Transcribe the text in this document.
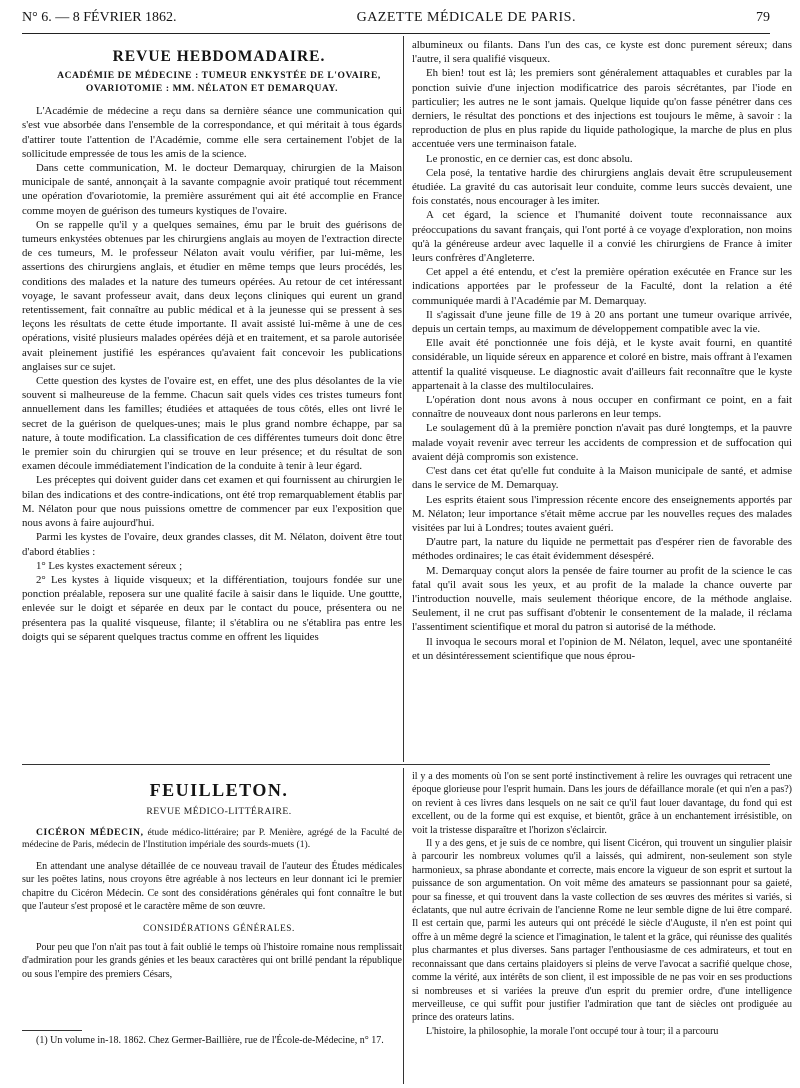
N° 6. — 8 FÉVRIER 1862.	GAZETTE MÉDICALE DE PARIS.	79

REVUE HEBDOMADAIRE.

ACADÉMIE DE MÉDECINE : TUMEUR ENKYSTÉE DE L'OVAIRE, OVARIOTOMIE : MM. NÉLATON ET DEMARQUAY.

L'Académie de médecine a reçu dans sa dernière séance une communication qui s'est vue absorbée dans l'ensemble de la correspondance, et qui méritait à tous égards d'attirer toute l'attention de l'Académie, comme elle sera certainement l'objet de la sollicitude empressée de tous les amis de la science.

Dans cette communication, M. le docteur Demarquay, chirurgien de la Maison municipale de santé, annonçait à la savante compagnie avoir pratiqué tout récemment une opération d'ovariotomie, la première assurément qui ait été accomplie en France comme moyen de guérison des tumeurs kystiques de l'ovaire.

On se rappelle qu'il y a quelques semaines, ému par le bruit des guérisons de tumeurs enkystées obtenues par les chirurgiens anglais au moyen de l'extraction directe de ces tumeurs, M. le professeur Nélaton avait voulu vérifier, par lui-même, les assertions des chirurgiens anglais, et étudier en même temps que leurs procédés, les conditions des malades et la nature des tumeurs opérées. Au retour de cet intéressant voyage, le savant professeur avait, dans deux leçons cliniques qui eurent un grand retentissement, fait connaître au public médical et à la jeunesse qui se pressent à ses leçons les résultats de cette étude importante. Il avait assisté lui-même à une de ces opérations, visité plusieurs malades opérées déjà et en traitement, et sa parole autorisée avait pleinement justifié les espérances qu'avaient fait concevoir les publications anglaises sur ce sujet.

Cette question des kystes de l'ovaire est, en effet, une des plus désolantes de la vie souvent si malheureuse de la femme. Chacun sait quels vides ces tristes tumeurs font annuellement dans les familles; étudiées et attaquées de tous côtés, elles ont livré le secret de la guérison de quelques-unes; mais le plus grand nombre échappe, par sa nature, à toute modification. La classification de ces différentes tumeurs doit donc être le premier soin du chirurgien qui se trouve en leur présence; et du résultat de son examen découle immédiatement l'indication de la conduite à tenir à leur égard.

Les préceptes qui doivent guider dans cet examen et qui fournissent au chirurgien le bilan des indications et des contre-indications, ont été trop remarquablement établis par M. Nélaton pour que nous puissions omettre de commencer par eux l'exposition que nous avons à faire aujourd'hui.

Parmi les kystes de l'ovaire, deux grandes classes, dit M. Nélaton, doivent être tout d'abord établies :

1° Les kystes exactement séreux ;

2° Les kystes à liquide visqueux; et la différentiation, toujours fondée sur une ponction préalable, reposera sur une qualité facile à saisir dans le liquide. Une gouttte, enlevée sur le doigt et séparée en deux par le contact du pouce, présentera ou ne présentera pas la qualité visqueuse, filante; il s'établira ou ne s'établira pas entre les doigts qui se séparent quelques tractus comme en offrent les liquides

albumineux ou filants. Dans l'un des cas, ce kyste est donc purement séreux; dans l'autre, il sera qualifié visqueux.

Eh bien! tout est là; les premiers sont généralement attaquables et curables par la ponction suivie d'une injection modificatrice des parois sécrétantes, par l'iode en particulier; les autres ne le sont jamais. Quelque liquide qu'on fasse pénétrer dans ces derniers, le résultat des ponctions et des injections est toujours le même, à savoir : la reproduction de plus en plus rapide du liquide pathologique, la marche de plus en plus accentuée vers une terminaison fatale.

Le pronostic, en ce dernier cas, est donc absolu.

Cela posé, la tentative hardie des chirurgiens anglais devait être scrupuleusement étudiée. La gravité du cas autorisait leur conduite, comme leurs succès devaient, une fois constatés, nous encourager à les imiter.

A cet égard, la science et l'humanité doivent toute reconnaissance aux préoccupations du savant français, qui l'ont porté à ce voyage d'exploration, non moins qu'à la généreuse ardeur avec laquelle il a convié les chirurgiens de France à imiter leurs confrères d'Angleterre.

Cet appel a été entendu, et c'est la première opération exécutée en France sur les indications apportées par le professeur de la Faculté, dont la relation a été communiquée mardi à l'Académie par M. Demarquay.

Il s'agissait d'une jeune fille de 19 à 20 ans portant une tumeur ovarique arrivée, depuis un certain temps, au maximum de développement compatible avec la vie.

Elle avait été ponctionnée une fois déjà, et le kyste avait fourni, en quantité considérable, un liquide séreux en apparence et coloré en bistre, mais offrant à l'examen attentif la qualité visqueuse. Le diagnostic avait d'ailleurs fait reconnaître que le kyste appartenait à la classe des multiloculaires.

L'opération dont nous avons à nous occuper en confirmant ce point, en a fait connaître de nouveaux dont nous parlerons en leur temps.

Le soulagement dû à la première ponction n'avait pas duré longtemps, et la pauvre malade voyait revenir avec terreur les accidents de compression et de suffocation qui avaient déjà compromis son existence.

C'est dans cet état qu'elle fut conduite à la Maison municipale de santé, et admise dans le service de M. Demarquay.

Les esprits étaient sous l'impression récente encore des enseignements apportés par M. Nélaton; leur importance s'était même accrue par les nouvelles reçues des malades visitées par lui à Londres; toutes avaient guéri.

D'autre part, la nature du liquide ne permettait pas d'espérer rien de favorable des méthodes ordinaires; le cas était évidemment désespéré.

M. Demarquay conçut alors la pensée de faire tourner au profit de la science le cas fatal qu'il avait sous les yeux, et au profit de la malade la chance ouverte par l'introduction nouvelle, mais seulement théorique encore, de la méthode anglaise. Seulement, il ne crut pas suffisant d'obtenir le consentement de la malade, il réclama l'assentiment scientifique et moral du patron si autorisé de la méthode.

Il invoqua le secours moral et l'opinion de M. Nélaton, lequel, avec une spontanéité et un désintéressement scientifique que nous éprou-

FEUILLETON.

REVUE MÉDICO-LITTÉRAIRE.

CICÉRON MÉDECIN, étude médico-littéraire; par P. Menière, agrégé de la Faculté de médecine de Paris, médecin de l'Institution impériale des sourds-muets (1).

En attendant une analyse détaillée de ce nouveau travail de l'auteur des Études médicales sur les poëtes latins, nous croyons être agréable à nos lecteurs en leur donnant ici le premier chapitre du Cicéron Médecin. Ce sont des considérations générales qui font connaître le but que l'auteur s'est proposé et le caractère même de son œuvre.

CONSIDÉRATIONS GÉNÉRALES.

Pour peu que l'on n'ait pas tout à fait oublié le temps où l'histoire romaine nous remplissait d'admiration pour les grands génies et les beaux caractères qui ont brillé pendant la république ou sous l'empire des premiers Césars,

(1) Un volume in-18. 1862. Chez Germer-Baillière, rue de l'École-de-Médecine, n° 17.

il y a des moments où l'on se sent porté instinctivement à relire les ouvrages qui retracent une époque glorieuse pour l'esprit humain. Dans les jours de défaillance morale (et qui n'en a pas?) on revient à ces livres dans lesquels on ne sait ce qu'il faut louer davantage, du fond qui est excellent, ou de la forme qui est exquise, et bientôt, grâce à un enchantement irrésistible, on voit la tristesse disparaître et l'horizon s'éclaircir.

Il y a des gens, et je suis de ce nombre, qui lisent Cicéron, qui trouvent un singulier plaisir à parcourir les nombreux volumes qu'il a laissés, qui admirent, non-seulement son style harmonieux, sa phrase abondante et correcte, mais encore la vigueur de son esprit et surtout la puissance de son argumentation. On voit même des amateurs se passionnant pour sa gaieté, pour sa finesse, et qui trouvent dans la vaste collection de ses œuvres des mérites si variés, si éclatants, que nul autre écrivain de l'ancienne Rome ne leur semble digne de lui être comparé. Il est certain que, parmi les auteurs qui ont précédé le siècle d'Auguste, il n'en est point qui offre à un même degré la science et l'imagination, le talent et la grâce, qui réunisse des qualités plus charmantes et plus diverses. Sans partager l'enthousiasme de ces admirateurs, et tout en reconnaissant que dans certains plaidoyers si pleins de verve l'avocat a sacrifié quelque chose, comme la vérité, aux intérêts de son client, il est impossible de ne pas voir en ses productions si nombreuses et si variées la preuve d'un esprit du premier ordre, d'une intelligence merveilleuse, ce qui suffit pour justifier l'admiration que tant de siècles ont prodiguée au prince des orateurs latins.

L'histoire, la philosophie, la morale l'ont occupé tour à tour; il a parcouru
